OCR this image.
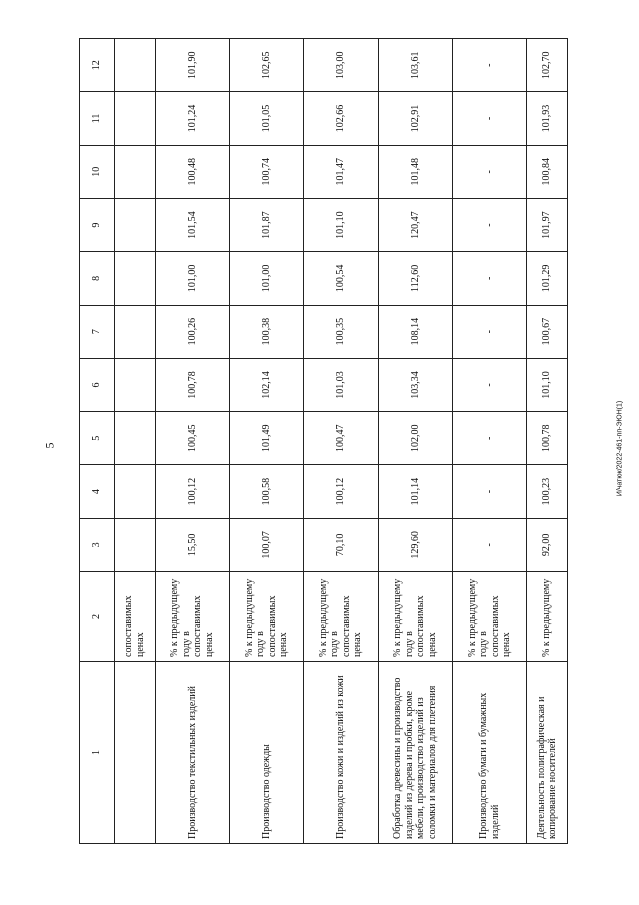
5	И/чатюк/2022-461-пп-ЭЮН(1)
1	2	3	4	5	6	7	8	9	10	11	12
	сопоставимых ценах										
Производство текстильных изделий	% к предыдущему году в сопоставимых ценах	15,50	100,12	100,45	100,78	100,26	101,00	101,54	100,48	101,24	101,90
Производство одежды	% к предыдущему году в сопоставимых ценах	100,07	100,58	101,49	102,14	100,38	101,00	101,87	100,74	101,05	102,65
Производство кожи и изделий из кожи	% к предыдущему году в сопоставимых ценах	70,10	100,12	100,47	101,03	100,35	100,54	101,10	101,47	102,66	103,00
Обработка древесины и производство изделий из дерева и пробки, кроме мебели, производство изделий из соломки и материалов для плетения	% к предыдущему году в сопоставимых ценах	129,60	101,14	102,00	103,34	108,14	112,60	120,47	101,48	102,91	103,61
Производство бумаги и бумажных изделий	% к предыдущему году в сопоставимых ценах	-	-	-	-	-	-	-	-	-	-
Деятельность полиграфическая и копирование носителей	% к предыдущему	92,00	100,23	100,78	101,10	100,67	101,29	101,97	100,84	101,93	102,70
